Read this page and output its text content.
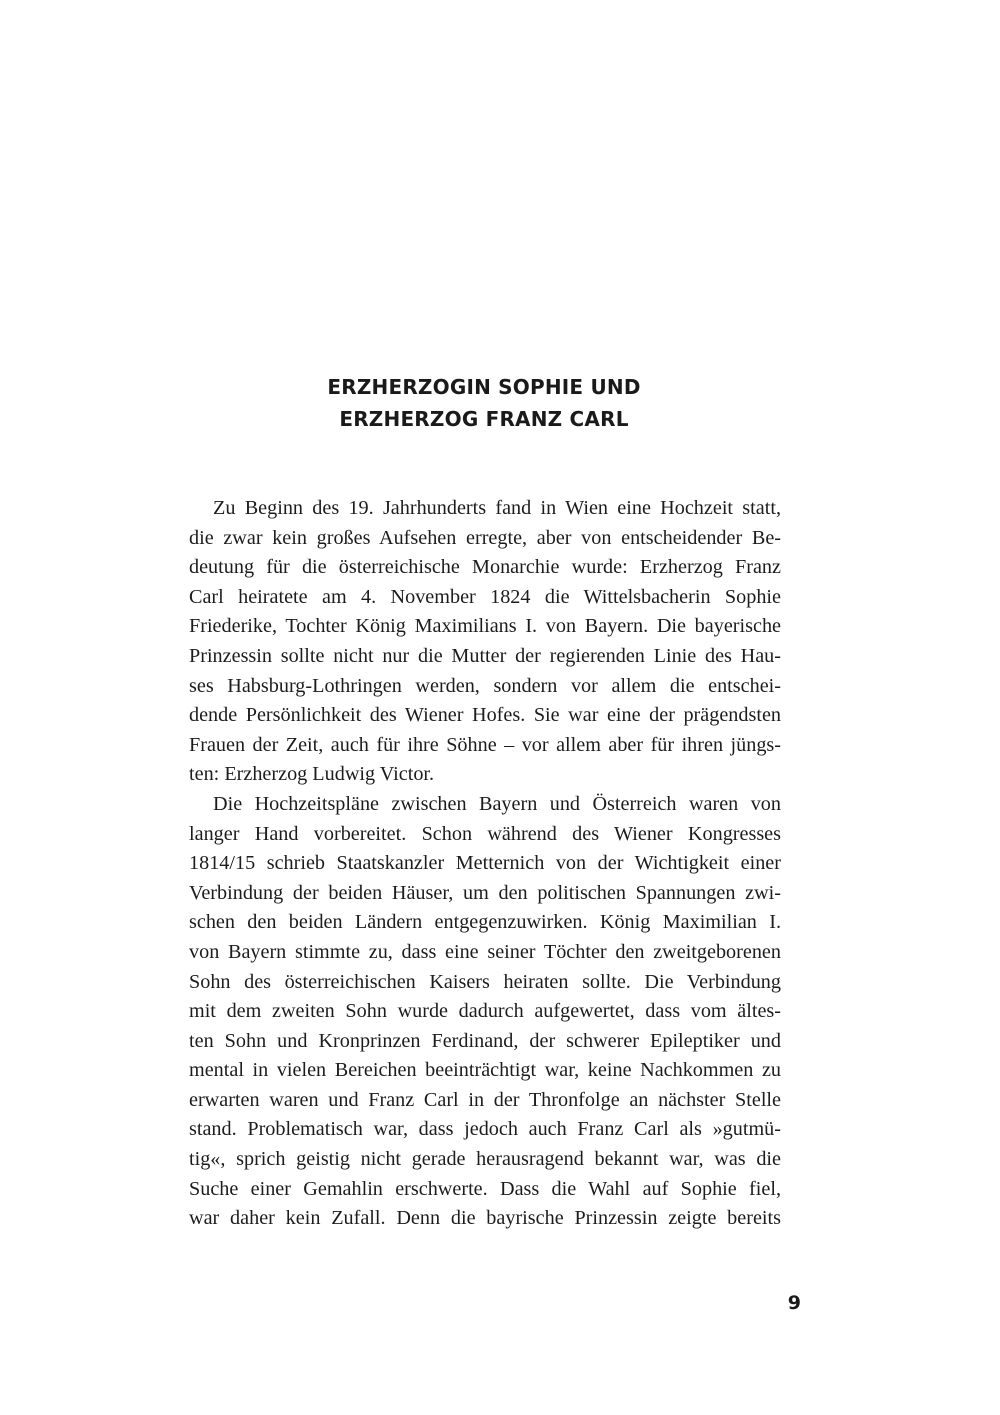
ERZHERZOGIN SOPHIE UND
ERZHERZOG FRANZ CARL
Zu Beginn des 19. Jahrhunderts fand in Wien eine Hochzeit statt,
die zwar kein großes Aufsehen erregte, aber von entscheidender Be-
deutung für die österreichische Monarchie wurde: Erzherzog Franz
Carl heiratete am 4. November 1824 die Wittelsbacherin Sophie
Friederike, Tochter König Maximilians I. von Bayern. Die bayerische
Prinzessin sollte nicht nur die Mutter der regierenden Linie des Hau-
ses Habsburg-Lothringen werden, sondern vor allem die entschei-
dende Persönlichkeit des Wiener Hofes. Sie war eine der prägendsten
Frauen der Zeit, auch für ihre Söhne – vor allem aber für ihren jüngs-
ten: Erzherzog Ludwig Victor.
Die Hochzeitspläne zwischen Bayern und Österreich waren von
langer Hand vorbereitet. Schon während des Wiener Kongresses
1814/15 schrieb Staatskanzler Metternich von der Wichtigkeit einer
Verbindung der beiden Häuser, um den politischen Spannungen zwi-
schen den beiden Ländern entgegenzuwirken. König Maximilian I.
von Bayern stimmte zu, dass eine seiner Töchter den zweitgeborenen
Sohn des österreichischen Kaisers heiraten sollte. Die Verbindung
mit dem zweiten Sohn wurde dadurch aufgewertet, dass vom ältes-
ten Sohn und Kronprinzen Ferdinand, der schwerer Epileptiker und
mental in vielen Bereichen beeinträchtigt war, keine Nachkommen zu
erwarten waren und Franz Carl in der Thronfolge an nächster Stelle
stand. Problematisch war, dass jedoch auch Franz Carl als »gutmü-
tig«, sprich geistig nicht gerade herausragend bekannt war, was die
Suche einer Gemahlin erschwerte. Dass die Wahl auf Sophie fiel,
war daher kein Zufall. Denn die bayrische Prinzessin zeigte bereits
9
